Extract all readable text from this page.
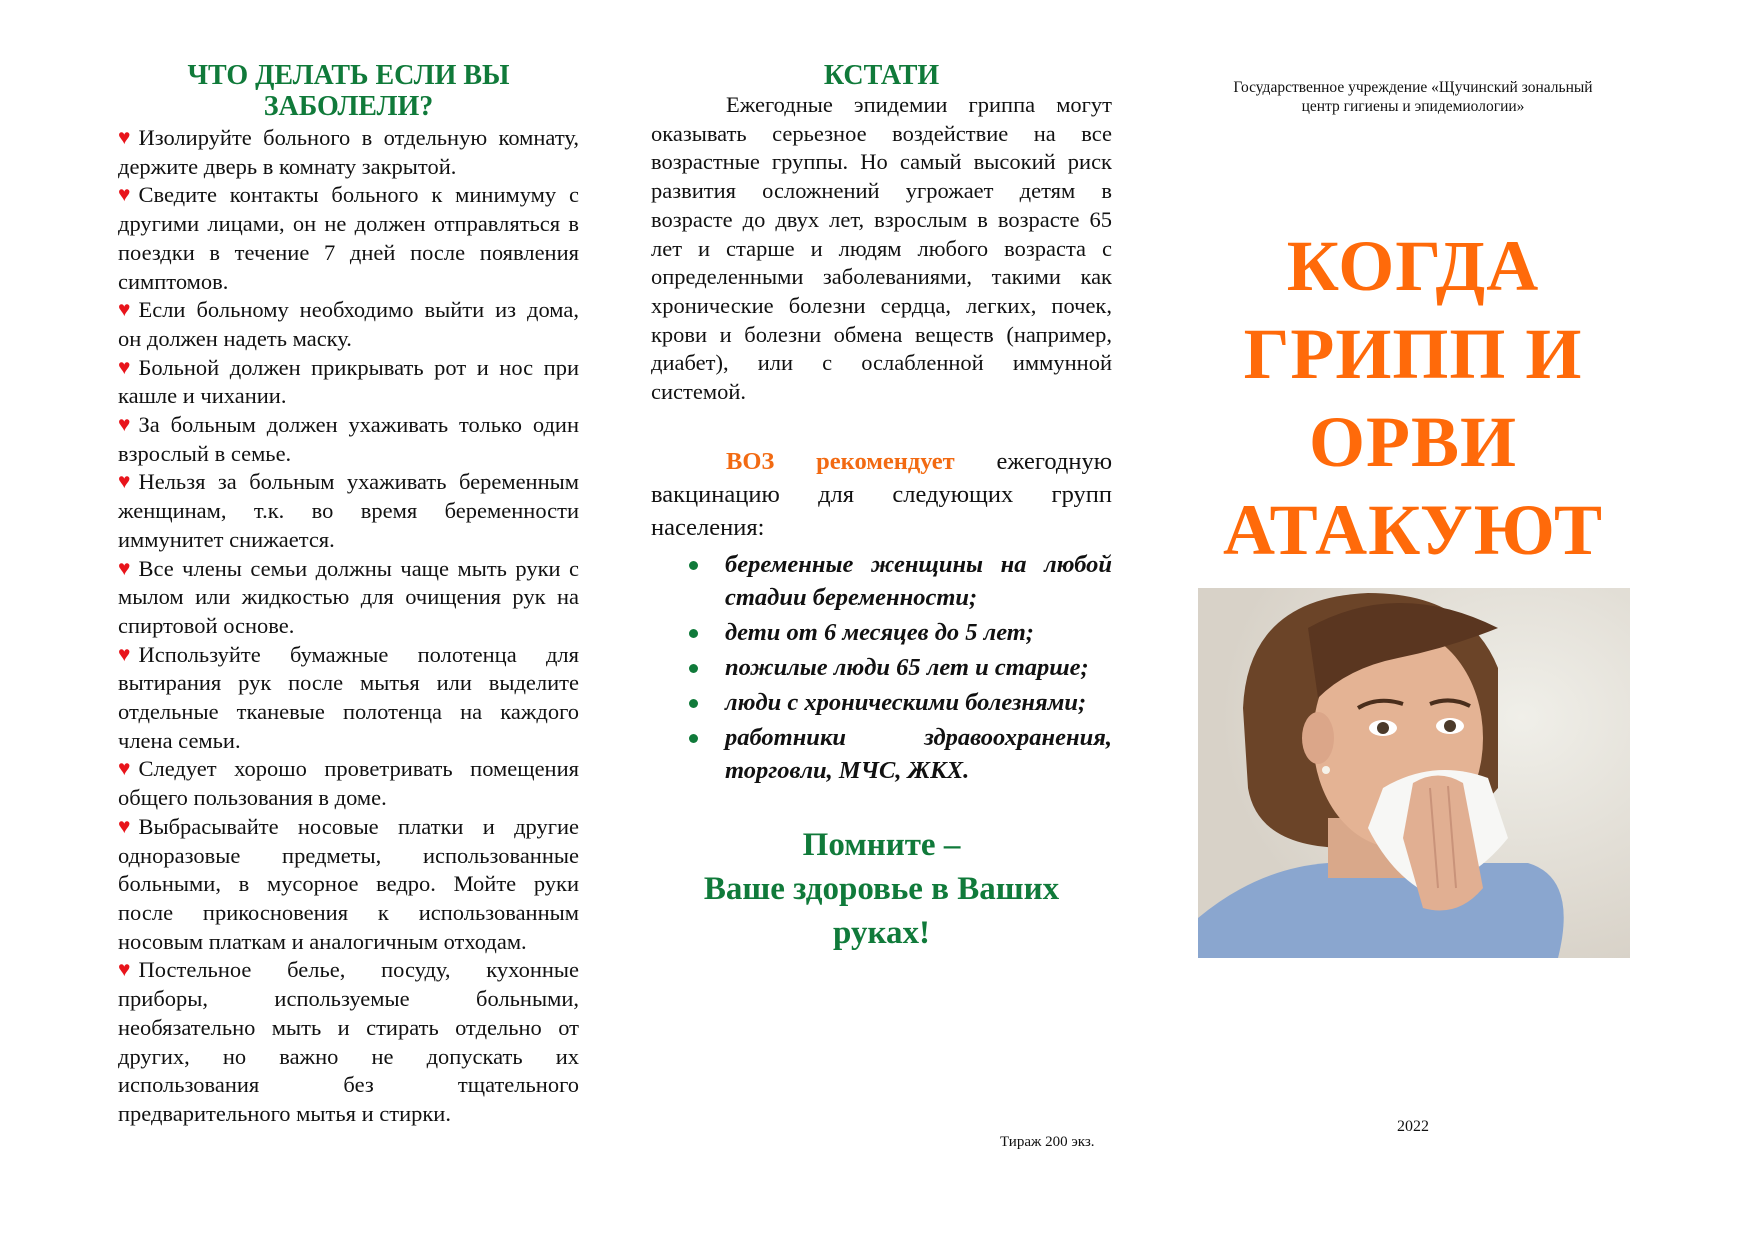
ЧТО ДЕЛАТЬ ЕСЛИ ВЫ ЗАБОЛЕЛИ?

♥ Изолируйте больного в отдельную комнату, держите дверь в комнату закрытой.

♥ Сведите контакты больного к минимуму с другими лицами, он не должен отправляться в поездки в течение 7 дней после появления симптомов.

♥ Если больному необходимо выйти из дома, он должен надеть маску.

♥ Больной должен прикрывать рот и нос при кашле и чихании.

♥ За больным должен ухаживать только один взрослый в семье.

♥ Нельзя за больным ухаживать беременным женщинам, т.к. во время беременности иммунитет снижается.

♥ Все члены семьи должны чаще мыть руки с мылом или жидкостью для очищения рук на спиртовой основе.

♥ Используйте бумажные полотенца для вытирания рук после мытья или выделите отдельные тканевые полотенца на каждого члена семьи.

♥ Следует хорошо проветривать помещения общего пользования в доме.

♥ Выбрасывайте носовые платки и другие одноразовые предметы, использованные больными, в мусорное ведро. Мойте руки после прикосновения к использованным носовым платкам и аналогичным отходам.

♥ Постельное белье, посуду, кухонные приборы, используемые больными, необязательно мыть и стирать отдельно от других, но важно не допускать их использования без тщательного предварительного мытья и стирки.

КСТАТИ

Ежегодные эпидемии гриппа могут оказывать серьезное воздействие на все возрастные группы. Но самый высокий риск развития осложнений угрожает детям в возрасте до двух лет, взрослым в возрасте 65 лет и старше и людям любого возраста с определенными заболеваниями, такими как хронические болезни сердца, легких, почек, крови и болезни обмена веществ (например, диабет), или с ослабленной иммунной системой.

ВОЗ рекомендует ежегодную вакцинацию для следующих групп населения:

беременные женщины на любой стадии беременности;
дети от 6 месяцев до 5 лет;
пожилые люди 65 лет и старше;
люди с хроническими болезнями;
работники здравоохранения, торговли, МЧС, ЖКХ.
Помните –
Ваше здоровье в Ваших руках!
Тираж 200 экз.

Государственное учреждение «Щучинский зональный
центр гигиены и эпидемиологии»

КОГДА
ГРИПП И
ОРВИ
АТАКУЮТ
2022
